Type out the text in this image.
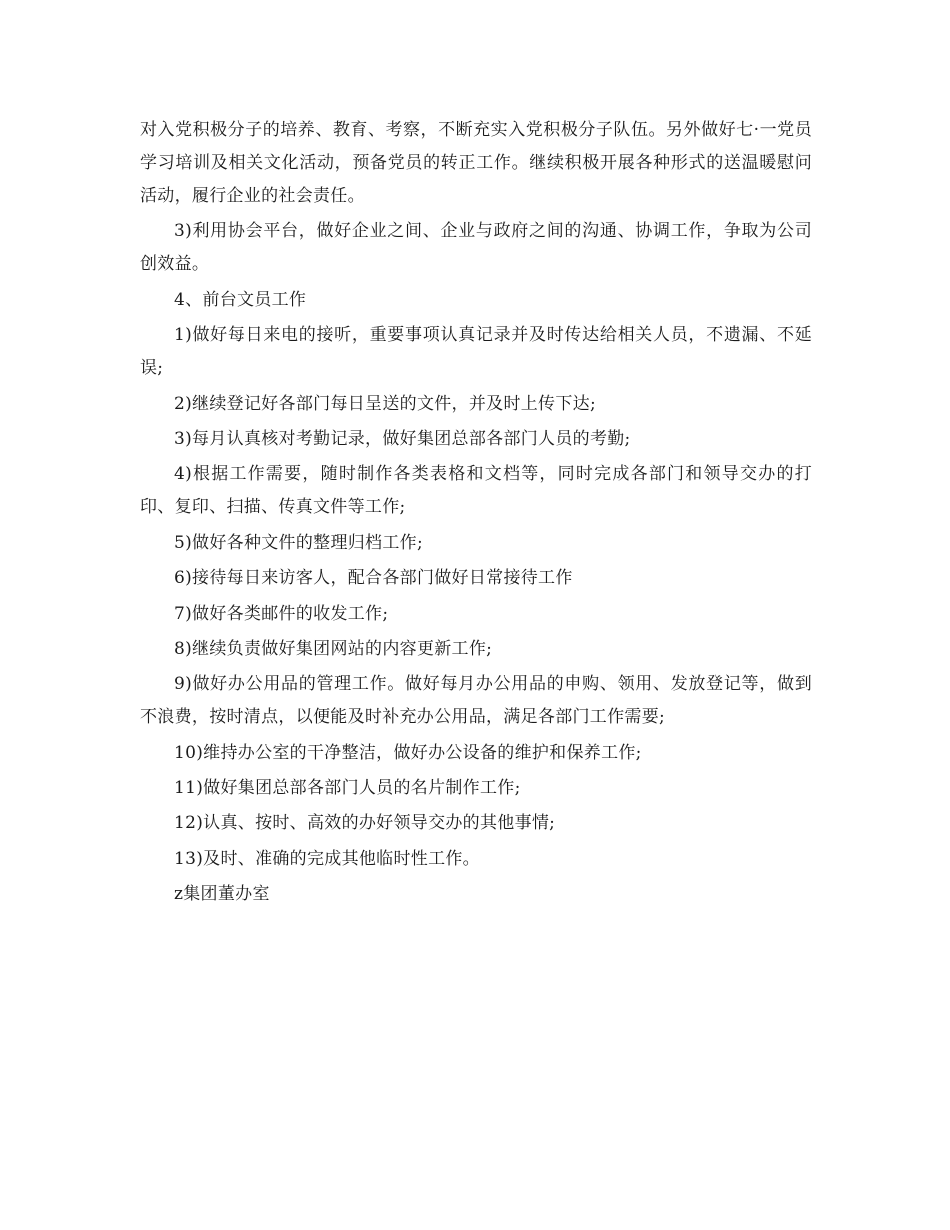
对入党积极分子的培养、教育、考察，不断充实入党积极分子队伍。另外做好七·一党员学习培训及相关文化活动，预备党员的转正工作。继续积极开展各种形式的送温暖慰问活动，履行企业的社会责任。

3)利用协会平台，做好企业之间、企业与政府之间的沟通、协调工作，争取为公司创效益。

4、前台文员工作

1)做好每日来电的接听，重要事项认真记录并及时传达给相关人员，不遗漏、不延误;

2)继续登记好各部门每日呈送的文件，并及时上传下达;

3)每月认真核对考勤记录，做好集团总部各部门人员的考勤;

4)根据工作需要，随时制作各类表格和文档等，同时完成各部门和领导交办的打印、复印、扫描、传真文件等工作;

5)做好各种文件的整理归档工作;

6)接待每日来访客人，配合各部门做好日常接待工作

7)做好各类邮件的收发工作;

8)继续负责做好集团网站的内容更新工作;

9)做好办公用品的管理工作。做好每月办公用品的申购、领用、发放登记等，做到不浪费，按时清点，以便能及时补充办公用品，满足各部门工作需要;

10)维持办公室的干净整洁，做好办公设备的维护和保养工作;

11)做好集团总部各部门人员的名片制作工作;

12)认真、按时、高效的办好领导交办的其他事情;

13)及时、准确的完成其他临时性工作。

z集团董办室
